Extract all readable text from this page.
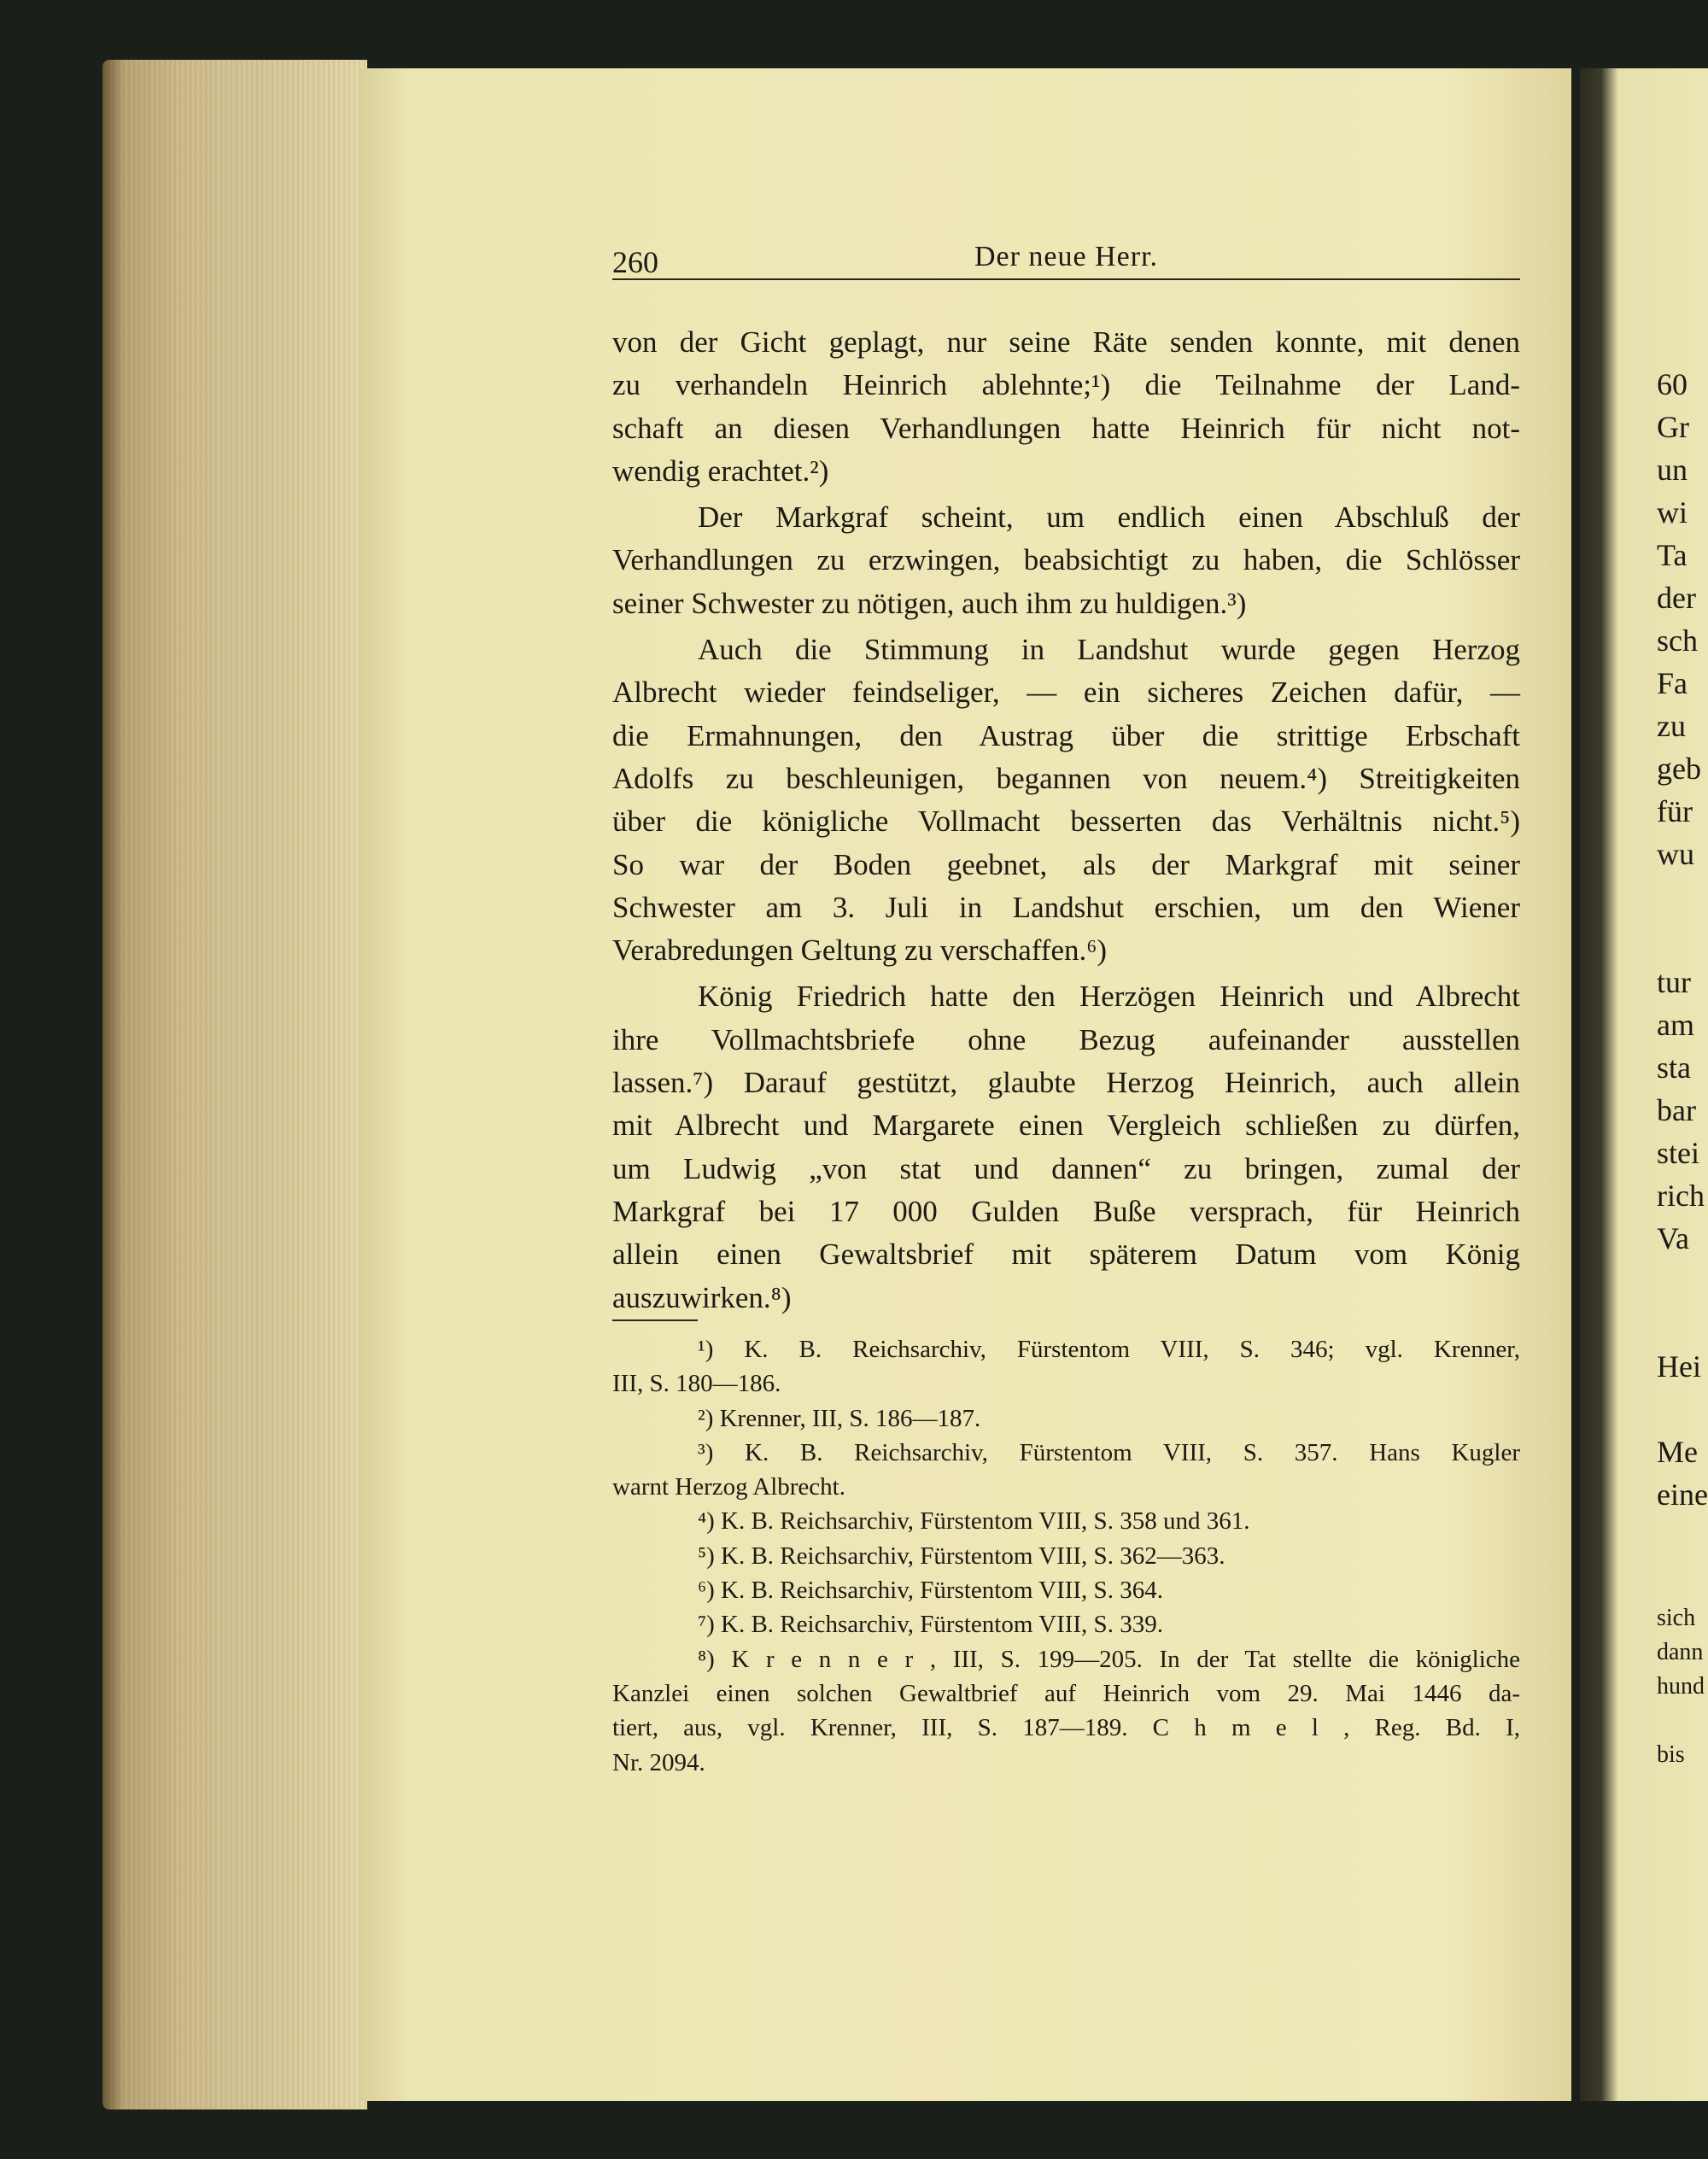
260	Der neue Herr.
von der Gicht geplagt, nur seine Räte senden konnte, mit denen
zu verhandeln Heinrich ablehnte;¹) die Teilnahme der Land-
schaft an diesen Verhandlungen hatte Heinrich für nicht not-
wendig erachtet.²)
Der Markgraf scheint, um endlich einen Abschluß der
Verhandlungen zu erzwingen, beabsichtigt zu haben, die Schlösser
seiner Schwester zu nötigen, auch ihm zu huldigen.³)
Auch die Stimmung in Landshut wurde gegen Herzog
Albrecht wieder feindseliger, — ein sicheres Zeichen dafür, —
die Ermahnungen, den Austrag über die strittige Erbschaft
Adolfs zu beschleunigen, begannen von neuem.⁴) Streitigkeiten
über die königliche Vollmacht besserten das Verhältnis nicht.⁵)
So war der Boden geebnet, als der Markgraf mit seiner
Schwester am 3. Juli in Landshut erschien, um den Wiener
Verabredungen Geltung zu verschaffen.⁶)
König Friedrich hatte den Herzögen Heinrich und Albrecht
ihre Vollmachtsbriefe ohne Bezug aufeinander ausstellen
lassen.⁷) Darauf gestützt, glaubte Herzog Heinrich, auch allein
mit Albrecht und Margarete einen Vergleich schließen zu dürfen,
um Ludwig „von stat und dannen“ zu bringen, zumal der
Markgraf bei 17 000 Gulden Buße versprach, für Heinrich
allein einen Gewaltsbrief mit späterem Datum vom König
auszuwirken.⁸)
¹) K. B. Reichsarchiv, Fürstentom VIII, S. 346; vgl. Krenner,
III, S. 180—186.
²) Krenner, III, S. 186—187.
³) K. B. Reichsarchiv, Fürstentom VIII, S. 357. Hans Kugler
warnt Herzog Albrecht.
⁴) K. B. Reichsarchiv, Fürstentom VIII, S. 358 und 361.
⁵) K. B. Reichsarchiv, Fürstentom VIII, S. 362—363.
⁶) K. B. Reichsarchiv, Fürstentom VIII, S. 364.
⁷) K. B. Reichsarchiv, Fürstentom VIII, S. 339.
⁸) K r e n n e r , III, S. 199—205. In der Tat stellte die königliche
Kanzlei einen solchen Gewaltbrief auf Heinrich vom 29. Mai 1446 da-
tiert, aus, vgl. Krenner, III, S. 187—189. C h m e l , Reg. Bd. I,
Nr. 2094.
60
Gr
un
wi
Ta
der
sch
Fa
zu
geb
für
wu
tur
am
sta
bar
stei
rich
Va
Hei
Me
eine
sich
dann
hund
bis
